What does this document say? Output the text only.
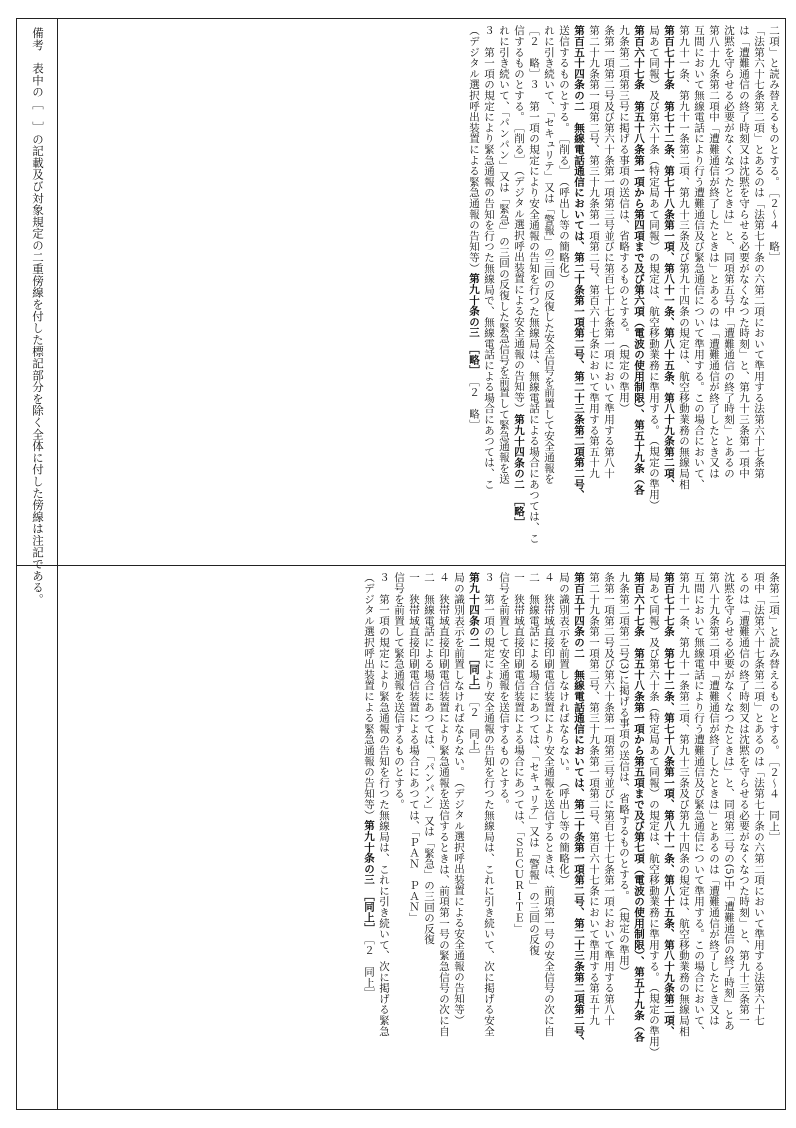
（デジタル選択呼出装置による緊急通報の告知等）
第九十条の三　［略］
［２　略］ ３　第一項の規定により緊急通報の告知を行つた無線局で、無線電話による場合にあつては、こ れに引き続いて、「パンパン」又は「緊急」の三回の反復した緊急信号を前置して緊急通報を送 信するものとする。
［削る］
（デジタル選択呼出装置による安全通報の告知等）
第九十四条の二　［略］
［２　略］
３　第一項の規定により安全通報の告知を行つた無線局は、無線電話による場合にあつては、こ れに引き続いて、「セキュリテ」又は「警報」の三回の反復した安全信号を前置して安全通報を 送信するものとする。
［削る］
（呼出し等の簡略化） 第百五十四条の二　無線電話通信においては、第二十条第一項第二号、第二十三条第二項第二号、 第二十九条第一項第二号、第三十九条第一項第二号、第百六十七条において準用する第五十九 条第一項第二号及び第六十条第一項第三号並びに第百七十七条第一項において準用する第八十 九条第二項第三号に掲げる事項の送信は、省略するものとする。
（規定の準用） 第百六十七条　第五十八条第一項から第四項まで及び第六項（電波の使用制限）、第五十九条（各 局あて同報）及び第六十条（特定局あて同報）の規定は、航空移動業務に準用する。
（規定の準用） 第百七十七条　第七十二条、第七十八条第一項、第八十一条、第八十五条、第八十九条第二項、 第九十一条、第九十一条第二項、第九十三条及び第九十四条の規定は、航空移動業務の無線局相 互間において無線電話により行う遭難通信及び緊急通信について準用する。この場合において、 第八十九条第二項中「遭難通信が終了したときは」とあるのは「遭難通信が終了したとき又は 沈黙を守らせる必要がなくなつたときは」と、同項第五号中「遭難通信の終了時刻」とあるの は「遭難通信の終了時刻又は沈黙を守らせる必要がなくなつた時刻」と、第九十三条第一項中 「法第六十七条第二項」とあるのは「法第七十条の六第二項において準用する法第六十七条第 二項」と読み替えるものとする。
［２～４　略］
（デジタル選択呼出装置による緊急通報の告知等）
第九十条の三　［同上］
［２　同上］ ３　第一項の規定により緊急通報の告知を行つた無線局は、これに引き続いて、次に掲げる緊急 信号を前置して緊急通報を送信するものとする。 一　狭帯域直接印刷電信装置による場合にあつては、「ＰＡＮ　ＰＡＮ」 二　無線電話による場合にあつては、「パンパン」又は「緊急」の三回の反復 ４　狭帯域直接印刷電信装置により緊急通報を送信するときは、前項第一号の緊急信号の次に自 局の識別表示を前置しなければならない。
（デジタル選択呼出装置による安全通報の告知等）
第九十四条の二　［同上］
［２　同上］ ３　第一項の規定により安全通報の告知を行つた無線局は、これに引き続いて、次に掲げる安全 信号を前置して安全通報を送信するものとする。 一　狭帯域直接印刷電信装置による場合にあつては、「ＳＥＣＵＲＩＴＥ」 二　無線電話による場合にあつては、「セキュリテ」又は「警報」の三回の反復 ４　狭帯域直接印刷電信装置により安全通報を送信するときは、前項第一号の安全信号の次に自 局の識別表示を前置しなければならない。
（呼出し等の簡略化） 第百五十四条の二　無線電話通信においては、第二十条第一項第二号、第二十三条第二項第二号、 第二十九条第一項第二号、第三十九条第一項第二号、第百六十七条において準用する第五十九 条第一項第二号及び第六十条第一項第三号並びに第百七十七条第一項において準用する第八十 九条第二項第二号(3)に掲げる事項の送信は、省略するものとする。
（規定の準用） 第百六十七条　第五十八条第一項から第五項まで及び第七項（電波の使用制限）、第五十九条（各 局あて同報）及び第六十条（特定局あて同報）の規定は、航空移動業務に準用する。
（規定の準用） 第百七十七条　第七十二条、第七十八条第一項、第八十一条、第八十五条、第八十九条第二項、 第九十一条、第九十一条第二項、第九十三条及び第九十四条の規定は、航空移動業務の無線局相 互間において無線電話により行う遭難通信及び緊急通信について準用する。この場合において、 第八十九条第二項中「遭難通信が終了したときは」とあるのは「遭難通信が終了したとき又は 沈黙を守らせる必要がなくなつたときは」と、同項第二号の(5)中「遭難通信の終了時刻」とあ るのは「遭難通信の終了時刻又は沈黙を守らせる必要がなくなつた時刻」と、第九十三条第一 項中「法第六十七条第二項」とあるのは「法第七十条の六第二項において準用する法第六十七 条第二項」と読み替えるものとする。
［２～４　同上］
備考　表中の［　］の記載及び対象規定の二重傍線を付した標記部分を除く全体に付した傍線は注記である。
